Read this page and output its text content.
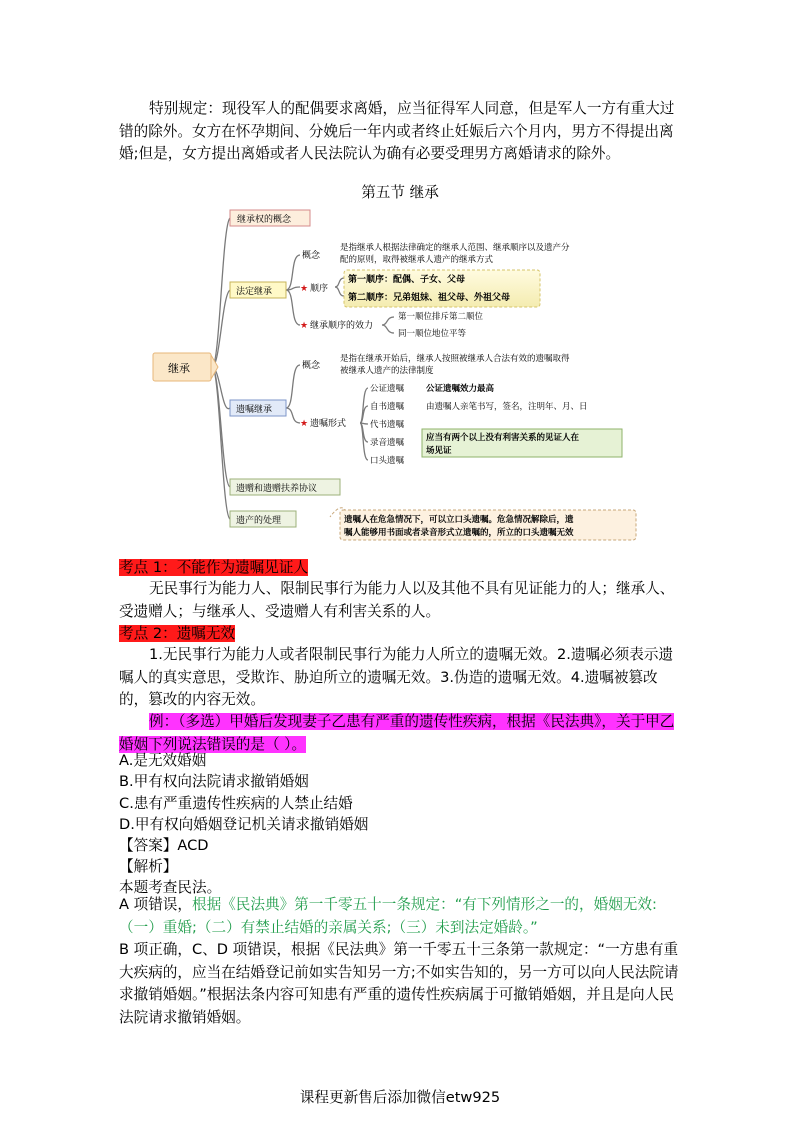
特别规定：现役军人的配偶要求离婚，应当征得军人同意，但是军人一方有重大过错的除外。女方在怀孕期间、分娩后一年内或者终止妊娠后六个月内，男方不得提出离婚;但是，女方提出离婚或者人民法院认为确有必要受理男方离婚请求的除外。

第五节 继承
继承
继承权的概念
法定继承
遗嘱继承
遗赠和遗赠扶养协议
遗产的处理
概念
是指继承人根据法律确定的继承人范围、继承顺序以及遗产分
配的原则，取得被继承人遗产的继承方式
★ 顺序
第一顺序：配偶、子女、父母
第二顺序：兄弟姐妹、祖父母、外祖父母
★ 继承顺序的效力
第一顺位排斥第二顺位
同一顺位地位平等
概念
是指在继承开始后，继承人按照被继承人合法有效的遗嘱取得
被继承人遗产的法律制度
★ 遗嘱形式
公证遗嘱
自书遗嘱
代书遗嘱
录音遗嘱
口头遗嘱
公证遗嘱效力最高
由遗嘱人亲笔书写，签名，注明年、月、日
应当有两个以上没有利害关系的见证人在
场见证
遗嘱人在危急情况下，可以立口头遗嘱。危急情况解除后，遗
嘱人能够用书面或者录音形式立遗嘱的，所立的口头遗嘱无效
考点 1：不能作为遗嘱见证人

无民事行为能力人、限制民事行为能力人以及其他不具有见证能力的人；继承人、受遗赠人；与继承人、受遗赠人有利害关系的人。

考点 2：遗嘱无效

1.无民事行为能力人或者限制民事行为能力人所立的遗嘱无效。2.遗嘱必须表示遗嘱人的真实意思，受欺诈、胁迫所立的遗嘱无效。3.伪造的遗嘱无效。4.遗嘱被篡改的，篡改的内容无效。

例：（多选）甲婚后发现妻子乙患有严重的遗传性疾病，根据《民法典》，关于甲乙婚姻下列说法错误的是（ ）。

A.是无效婚姻
B.甲有权向法院请求撤销婚姻
C.患有严重遗传性疾病的人禁止结婚
D.甲有权向婚姻登记机关请求撤销婚姻
【答案】ACD
【解析】
本题考查民法。

A 项错误，根据《民法典》第一千零五十一条规定：“有下列情形之一的，婚姻无效:（一）重婚;（二）有禁止结婚的亲属关系;（三）未到法定婚龄。”

B 项正确，C、D 项错误，根据《民法典》第一千零五十三条第一款规定：“一方患有重大疾病的，应当在结婚登记前如实告知另一方;不如实告知的，另一方可以向人民法院请求撤销婚姻。”根据法条内容可知患有严重的遗传性疾病属于可撤销婚姻，并且是向人民法院请求撤销婚姻。

课程更新售后添加微信etw925
